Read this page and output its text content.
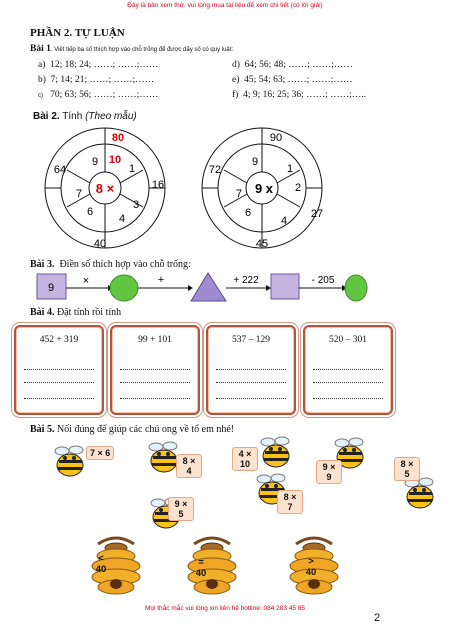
Đây là bản xem thử, vui lòng mua tài liệu để xem chi tiết (có lời giải)
PHẦN 2. TỰ LUẬN
Bài 1. Viết tiếp ba số thích hợp vào chỗ trống để được dãy số có quy luật:
a) 12; 18; 24; ……; ……;……
b) 7; 14; 21; ……; ……;……
c) 70; 63; 56; ……; ……;……
d) 64; 56; 48; ……; ……;……
e) 45; 54; 63; ……; ……;……
f) 4; 9; 16; 25; 36; ……; ……;…..
Bài 2. Tính (Theo mẫu)
80
16
40
64
9 10
1
3
4
6
7 8 ×
90
72
27
45
9
1
2
4
6
7 9 x
Bài 3. Điền số thích hợp vào chỗ trống:
9
×	+	+ 222	- 205
Bài 4. Đặt tính rồi tính
452 + 319	99 + 101	537 – 129	520 – 301
Bài 5. Nối đúng để giúp các chú ong về tổ em nhé!
7 × 6
8 × 4
4 × 10	9 × 9
8 × 5
9 × 5
8 × 7
< 40
= 40
> 40
Mọi thắc mắc vui lòng xin liên hệ hotline: 084 283 45 85
2
